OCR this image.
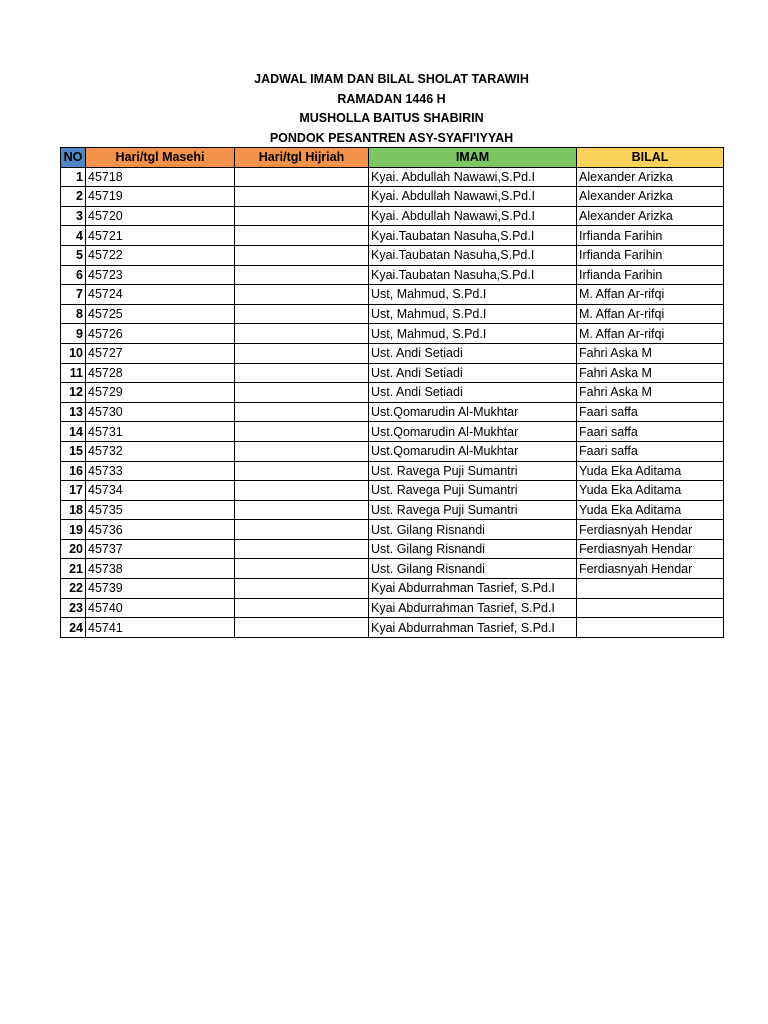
JADWAL IMAM DAN BILAL SHOLAT TARAWIH
RAMADAN 1446 H
MUSHOLLA BAITUS SHABIRIN
PONDOK PESANTREN ASY-SYAFI'IYYAH
NO	Hari/tgl Masehi	Hari/tgl Hijriah	IMAM	BILAL
1	45718		Kyai. Abdullah Nawawi,S.Pd.I	Alexander Arizka
2	45719		Kyai. Abdullah Nawawi,S.Pd.I	Alexander Arizka
3	45720		Kyai. Abdullah Nawawi,S.Pd.I	Alexander Arizka
4	45721		Kyai.Taubatan Nasuha,S.Pd.I	Irfianda Farihin
5	45722		Kyai.Taubatan Nasuha,S.Pd.I	Irfianda Farihin
6	45723		Kyai.Taubatan Nasuha,S.Pd.I	Irfianda Farihin
7	45724		Ust, Mahmud, S.Pd.I	M. Affan Ar-rifqi
8	45725		Ust, Mahmud, S.Pd.I	M. Affan Ar-rifqi
9	45726		Ust, Mahmud, S.Pd.I	M. Affan Ar-rifqi
10	45727		Ust. Andi Setiadi	Fahri Aska M
11	45728		Ust. Andi Setiadi	Fahri Aska M
12	45729		Ust. Andi Setiadi	Fahri Aska M
13	45730		Ust.Qomarudin Al-Mukhtar	Faari saffa
14	45731		Ust.Qomarudin Al-Mukhtar	Faari saffa
15	45732		Ust.Qomarudin Al-Mukhtar	Faari saffa
16	45733		Ust. Ravega Puji Sumantri	Yuda Eka Aditama
17	45734		Ust. Ravega Puji Sumantri	Yuda Eka Aditama
18	45735		Ust. Ravega Puji Sumantri	Yuda Eka Aditama
19	45736		Ust. Gilang Risnandi	Ferdiasnyah Hendar
20	45737		Ust. Gilang Risnandi	Ferdiasnyah Hendar
21	45738		Ust. Gilang Risnandi	Ferdiasnyah Hendar
22	45739		Kyai Abdurrahman Tasrief, S.Pd.I	
23	45740		Kyai Abdurrahman Tasrief, S.Pd.I	
24	45741		Kyai Abdurrahman Tasrief, S.Pd.I	
